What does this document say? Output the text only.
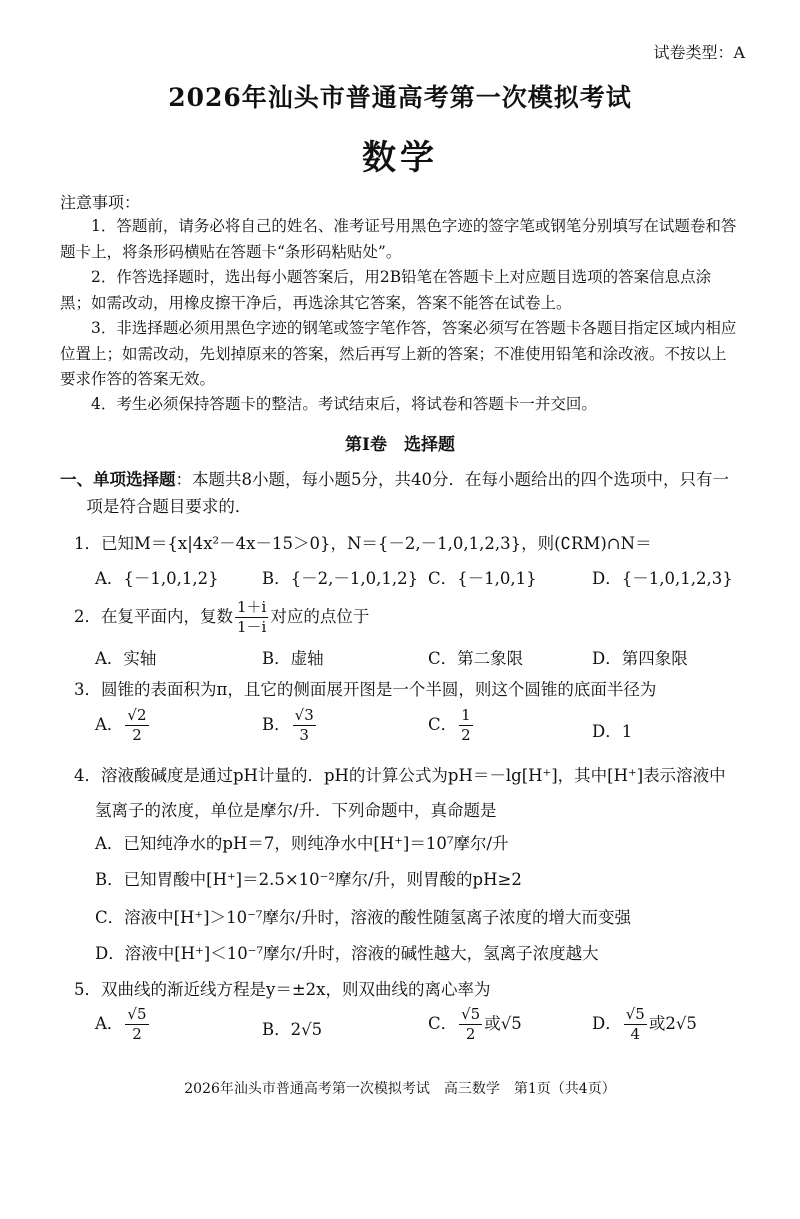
试卷类型：A
2026年汕头市普通高考第一次模拟考试
数学
注意事项：
1．答题前，请务必将自己的姓名、准考证号用黑色字迹的签字笔或钢笔分别填写在试题卷和答题卡上，将条形码横贴在答题卡“条形码粘贴处”。
2．作答选择题时，选出每小题答案后，用2B铅笔在答题卡上对应题目选项的答案信息点涂黑；如需改动，用橡皮擦干净后，再选涂其它答案，答案不能答在试卷上。
3．非选择题必须用黑色字迹的钢笔或签字笔作答，答案必须写在答题卡各题目指定区域内相应位置上；如需改动，先划掉原来的答案，然后再写上新的答案；不准使用铅笔和涂改液。不按以上要求作答的答案无效。
4．考生必须保持答题卡的整洁。考试结束后，将试卷和答题卡一并交回。
第Ⅰ卷　选择题
一、单项选择题：本题共8小题，每小题5分，共40分．在每小题给出的四个选项中，只有一项是符合题目要求的．
1．已知M＝{x|4x²－4x－15＞0}，N＝{－2,－1,0,1,2,3}，则(∁RM)∩N＝
A．{－1,0,1,2}	B．{－2,－1,0,1,2} C．{－1,0,1}	D．{－1,0,1,2,3}
2．在复平面内，复数 $\frac{1+i}{1-i}$ 对应的点位于
A．实轴	B．虚轴	C．第二象限	D．第四象限
3．圆锥的表面积为π，且它的侧面展开图是一个半圆，则这个圆锥的底面半径为
A． $\frac{√2}{2}$	B． $\frac{√3}{3}$	C． $\frac{1}{2}$	D．1
4．溶液酸碱度是通过pH计量的．pH的计算公式为pH＝－lg[H⁺]，其中[H⁺]表示溶液中
氢离子的浓度，单位是摩尔/升．下列命题中，真命题是
A．已知纯净水的pH＝7，则纯净水中[H⁺]＝10⁷摩尔/升
B．已知胃酸中[H⁺]＝2.5×10⁻²摩尔/升，则胃酸的pH≥2
C．溶液中[H⁺]＞10⁻⁷摩尔/升时，溶液的酸性随氢离子浓度的增大而变强
D．溶液中[H⁺]＜10⁻⁷摩尔/升时，溶液的碱性越大，氢离子浓度越大
5．双曲线的渐近线方程是y＝±2x，则双曲线的离心率为
A． $\frac{√5}{2}$	B．2√5	C． $\frac{√5}{2}$ 或√5	D． $\frac{√5}{4}$ 或2√5
2026年汕头市普通高考第一次模拟考试　高三数学　第1页（共4页）
